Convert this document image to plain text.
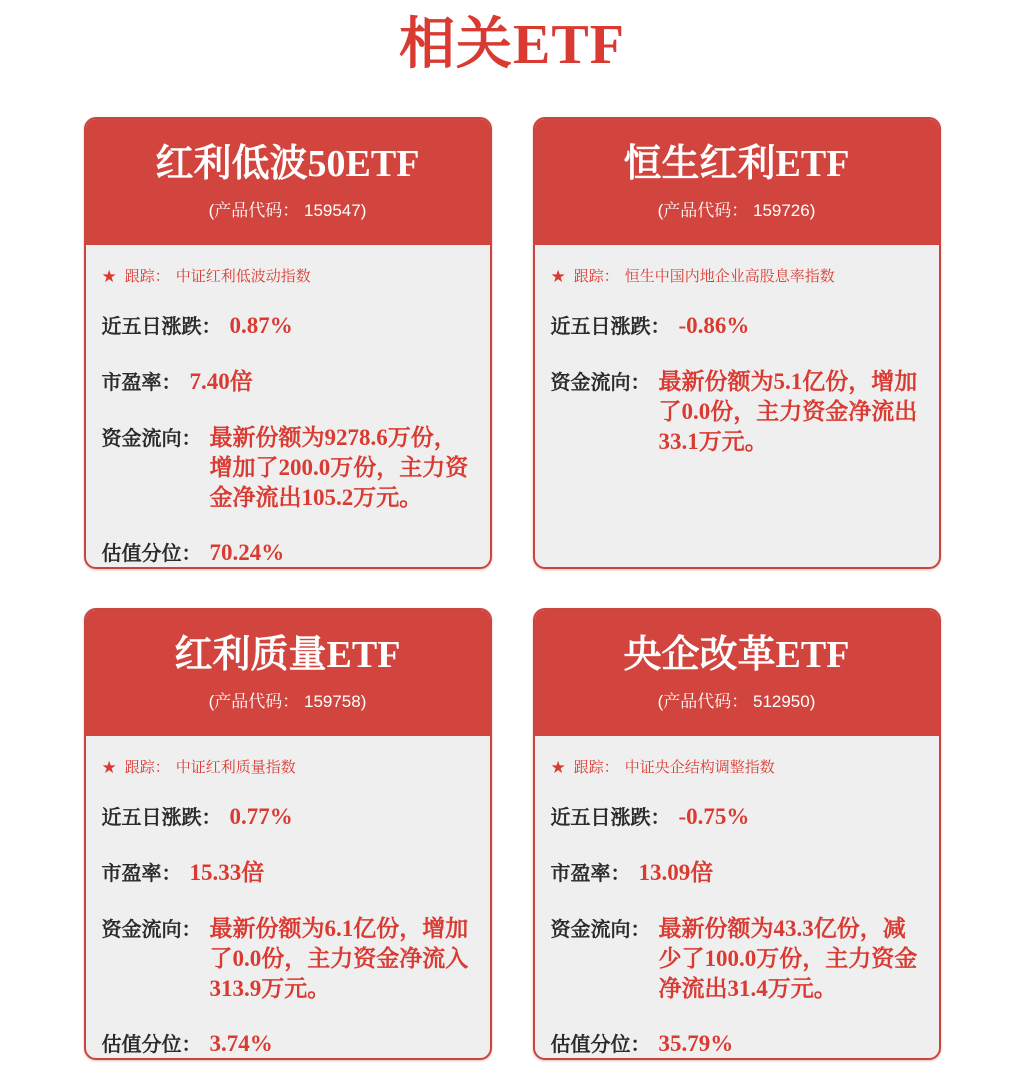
相关ETF
红利低波50ETF
(产品代码： 159547)
★ 跟踪： 中证红利低波动指数
近五日涨跌： 0.87%
市盈率： 7.40倍
资金流向： 最新份额为9278.6万份，增加了200.0万份，主力资金净流出105.2万元。
估值分位： 70.24%
恒生红利ETF
(产品代码： 159726)
★ 跟踪： 恒生中国内地企业高股息率指数
近五日涨跌： -0.86%
资金流向： 最新份额为5.1亿份，增加了0.0份，主力资金净流出33.1万元。
红利质量ETF
(产品代码： 159758)
★ 跟踪： 中证红利质量指数
近五日涨跌： 0.77%
市盈率： 15.33倍
资金流向： 最新份额为6.1亿份，增加了0.0份，主力资金净流入313.9万元。
估值分位： 3.74%
央企改革ETF
(产品代码： 512950)
★ 跟踪： 中证央企结构调整指数
近五日涨跌： -0.75%
市盈率： 13.09倍
资金流向： 最新份额为43.3亿份，减少了100.0万份，主力资金净流出31.4万元。
估值分位： 35.79%
